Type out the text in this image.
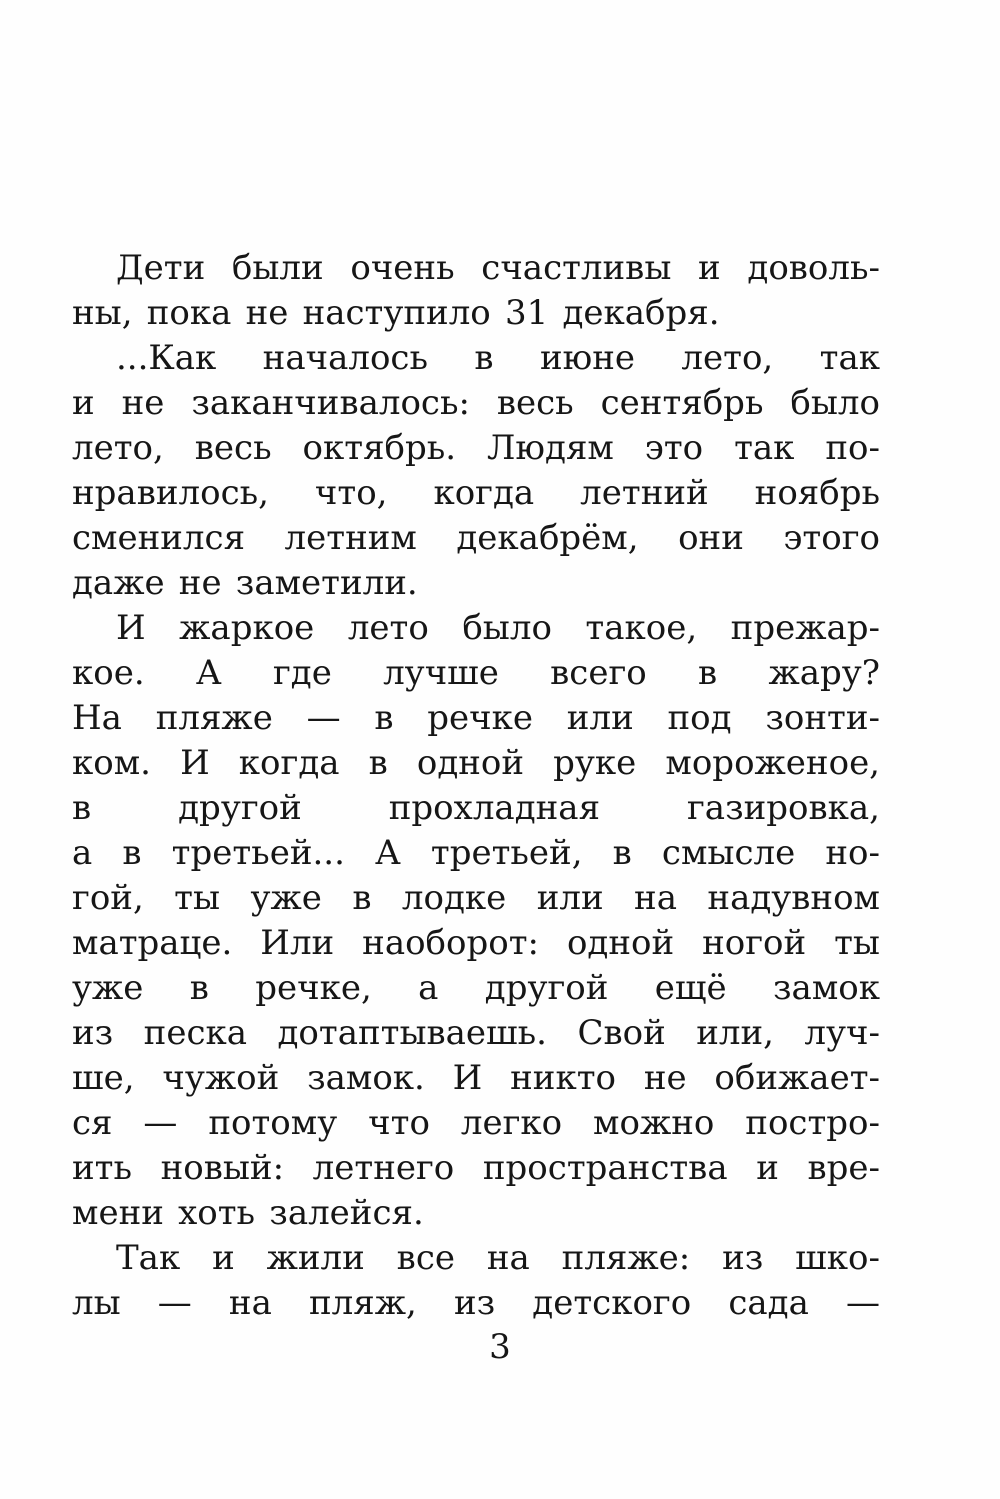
Дети были очень счастливы и доволь-
ны, пока не наступило 31 декабря.
...Как началось в июне лето, так
и не заканчивалось: весь сентябрь было
лето, весь октябрь. Людям это так по-
нравилось, что, когда летний ноябрь
сменился летним декабрём, они этого
даже не заметили.
И жаркое лето было такое, прежар-
кое. А где лучше всего в жару?
На пляже — в речке или под зонти-
ком. И когда в одной руке мороженое,
в другой прохладная газировка,
а в третьей... А третьей, в смысле но-
гой, ты уже в лодке или на надувном
матраце. Или наоборот: одной ногой ты
уже в речке, а другой ещё замок
из песка дотаптываешь. Свой или, луч-
ше, чужой замок. И никто не обижает-
ся — потому что легко можно постро-
ить новый: летнего пространства и вре-
мени хоть залейся.
Так и жили все на пляже: из шко-
лы — на пляж, из детского сада —
3
